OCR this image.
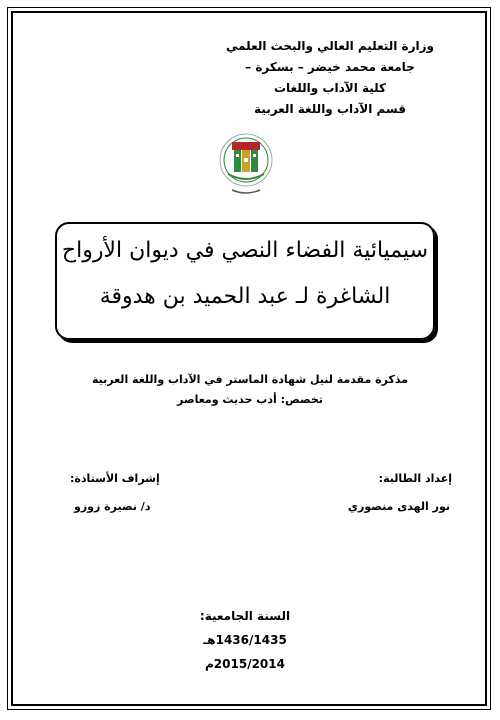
وزارة التعليم العالي والبحث العلمي
جامعة محمد خيضر – بسكرة –
كلية الآداب واللغات
قسم الآداب واللغة العربية
سيميائية الفضاء النصي في ديوان الأرواح
الشاغرة لـ عبد الحميد بن هدوقة
مذكرة مقدمة لنيل شهادة الماستر في الآداب واللغة العربية
تخصص: أدب حديث ومعاصر
إعداد الطالبة:
نور الهدى منصوري
إشراف الأستاذة:
د/ نصيرة زوزو
السنة الجامعية:
1436/1435هـ
2015/2014م
